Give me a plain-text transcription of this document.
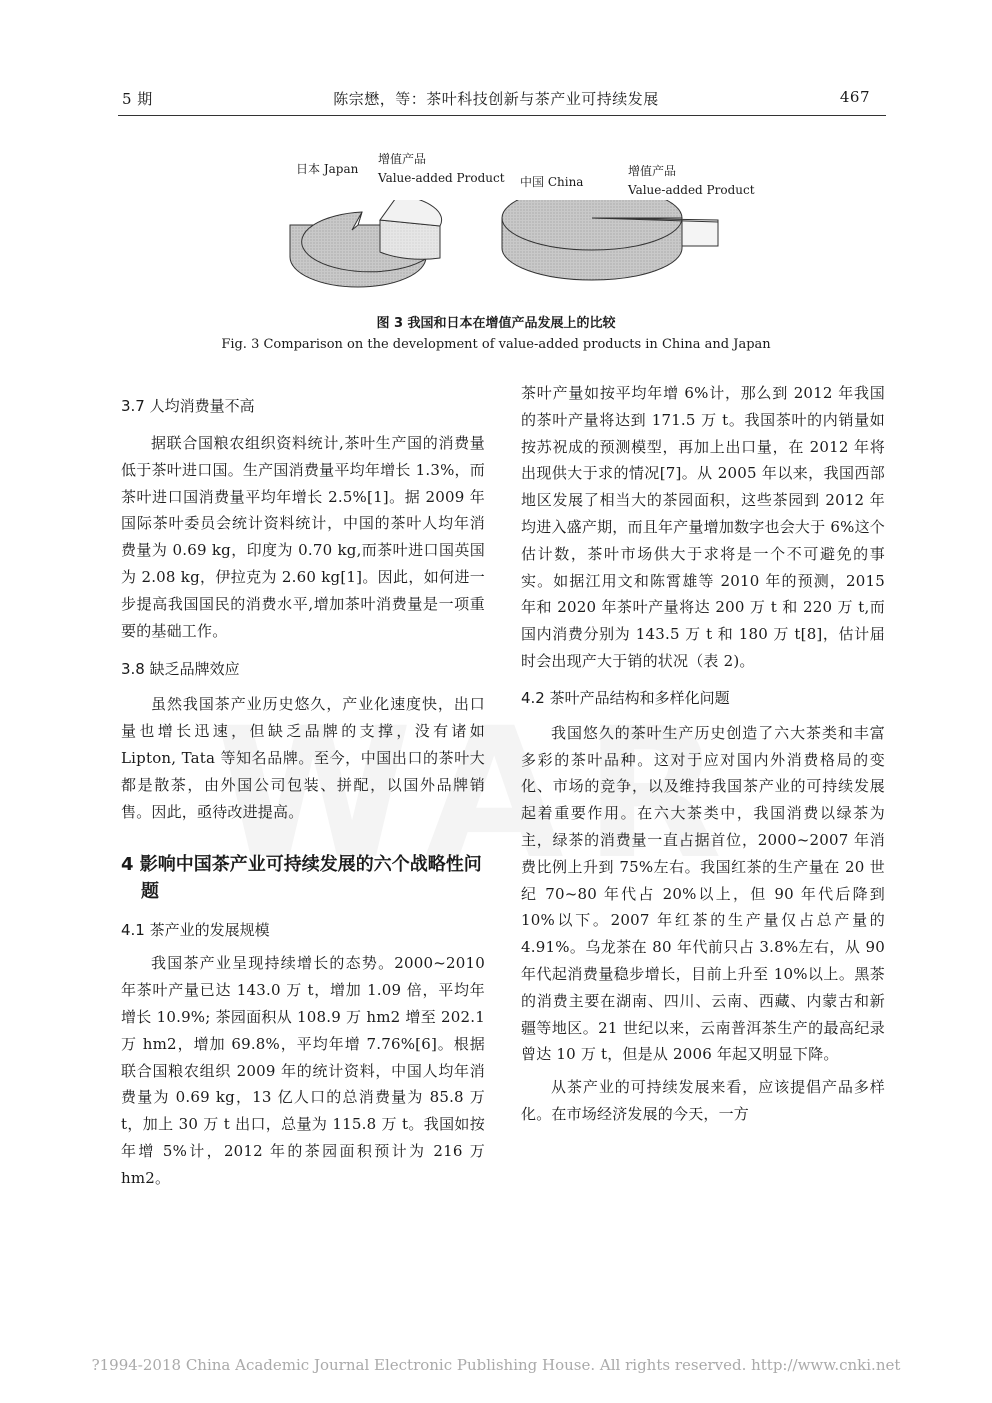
5 期	陈宗懋，等：茶叶科技创新与茶产业可持续发展	467
日本 Japan
增值产品
Value-added Product 中国 China
增值产品
Value-added Product
图 3 我国和日本在增值产品发展上的比较
Fig. 3 Comparison on the development of value-added products in China and Japan

3.7 人均消费量不高

据联合国粮农组织资料统计,茶叶生产国的消费量低于茶叶进口国。生产国消费量平均年增长 1.3%，而茶叶进口国消费量平均年增长 2.5%[1]。据 2009 年国际茶叶委员会统计资料统计，中国的茶叶人均年消费量为 0.69 kg，印度为 0.70 kg,而茶叶进口国英国为 2.08 kg，伊拉克为 2.60 kg[1]。因此，如何进一步提高我国国民的消费水平,增加茶叶消费量是一项重要的基础工作。

3.8 缺乏品牌效应

虽然我国茶产业历史悠久，产业化速度快，出口量也增长迅速，但缺乏品牌的支撑，没有诸如 Lipton, Tata 等知名品牌。至今，中国出口的茶叶大都是散茶，由外国公司包装、拼配，以国外品牌销售。因此，亟待改进提高。

4 影响中国茶产业可持续发展的六个战略性问题

4.1 茶产业的发展规模

我国茶产业呈现持续增长的态势。2000~2010 年茶叶产量已达 143.0 万 t，增加 1.09 倍，平均年增长 10.9%; 茶园面积从 108.9 万 hm2 增至 202.1 万 hm2，增加 69.8%，平均年增 7.76%[6]。根据联合国粮农组织 2009 年的统计资料，中国人均年消费量为 0.69 kg，13 亿人口的总消费量为 85.8 万 t，加上 30 万 t 出口，总量为 115.8 万 t。我国如按年增 5%计，2012 年的茶园面积预计为 216 万 hm2。

茶叶产量如按平均年增 6%计，那么到 2012 年我国的茶叶产量将达到 171.5 万 t。我国茶叶的内销量如按苏祝成的预测模型，再加上出口量，在 2012 年将出现供大于求的情况[7]。从 2005 年以来，我国西部地区发展了相当大的茶园面积，这些茶园到 2012 年均进入盛产期，而且年产量增加数字也会大于 6%这个估计数，茶叶市场供大于求将是一个不可避免的事实。如据江用文和陈霄雄等 2010 年的预测，2015 年和 2020 年茶叶产量将达 200 万 t 和 220 万 t,而国内消费分别为 143.5 万 t 和 180 万 t[8]，估计届时会出现产大于销的状况（表 2)。

4.2 茶叶产品结构和多样化问题

我国悠久的茶叶生产历史创造了六大茶类和丰富多彩的茶叶品种。这对于应对国内外消费格局的变化、市场的竞争，以及维持我国茶产业的可持续发展起着重要作用。在六大茶类中，我国消费以绿茶为主，绿茶的消费量一直占据首位，2000~2007 年消费比例上升到 75%左右。我国红茶的生产量在 20 世纪 70~80 年代占 20%以上，但 90 年代后降到 10%以下。2007 年红茶的生产量仅占总产量的 4.91%。乌龙茶在 80 年代前只占 3.8%左右，从 90 年代起消费量稳步增长，目前上升至 10%以上。黑茶的消费主要在湖南、四川、云南、西藏、内蒙古和新疆等地区。21 世纪以来，云南普洱茶生产的最高纪录曾达 10 万 t，但是从 2006 年起又明显下降。

从茶产业的可持续发展来看，应该提倡产品多样化。在市场经济发展的今天，一方

?1994-2018 China Academic Journal Electronic Publishing House. All rights reserved. http://www.cnki.net
